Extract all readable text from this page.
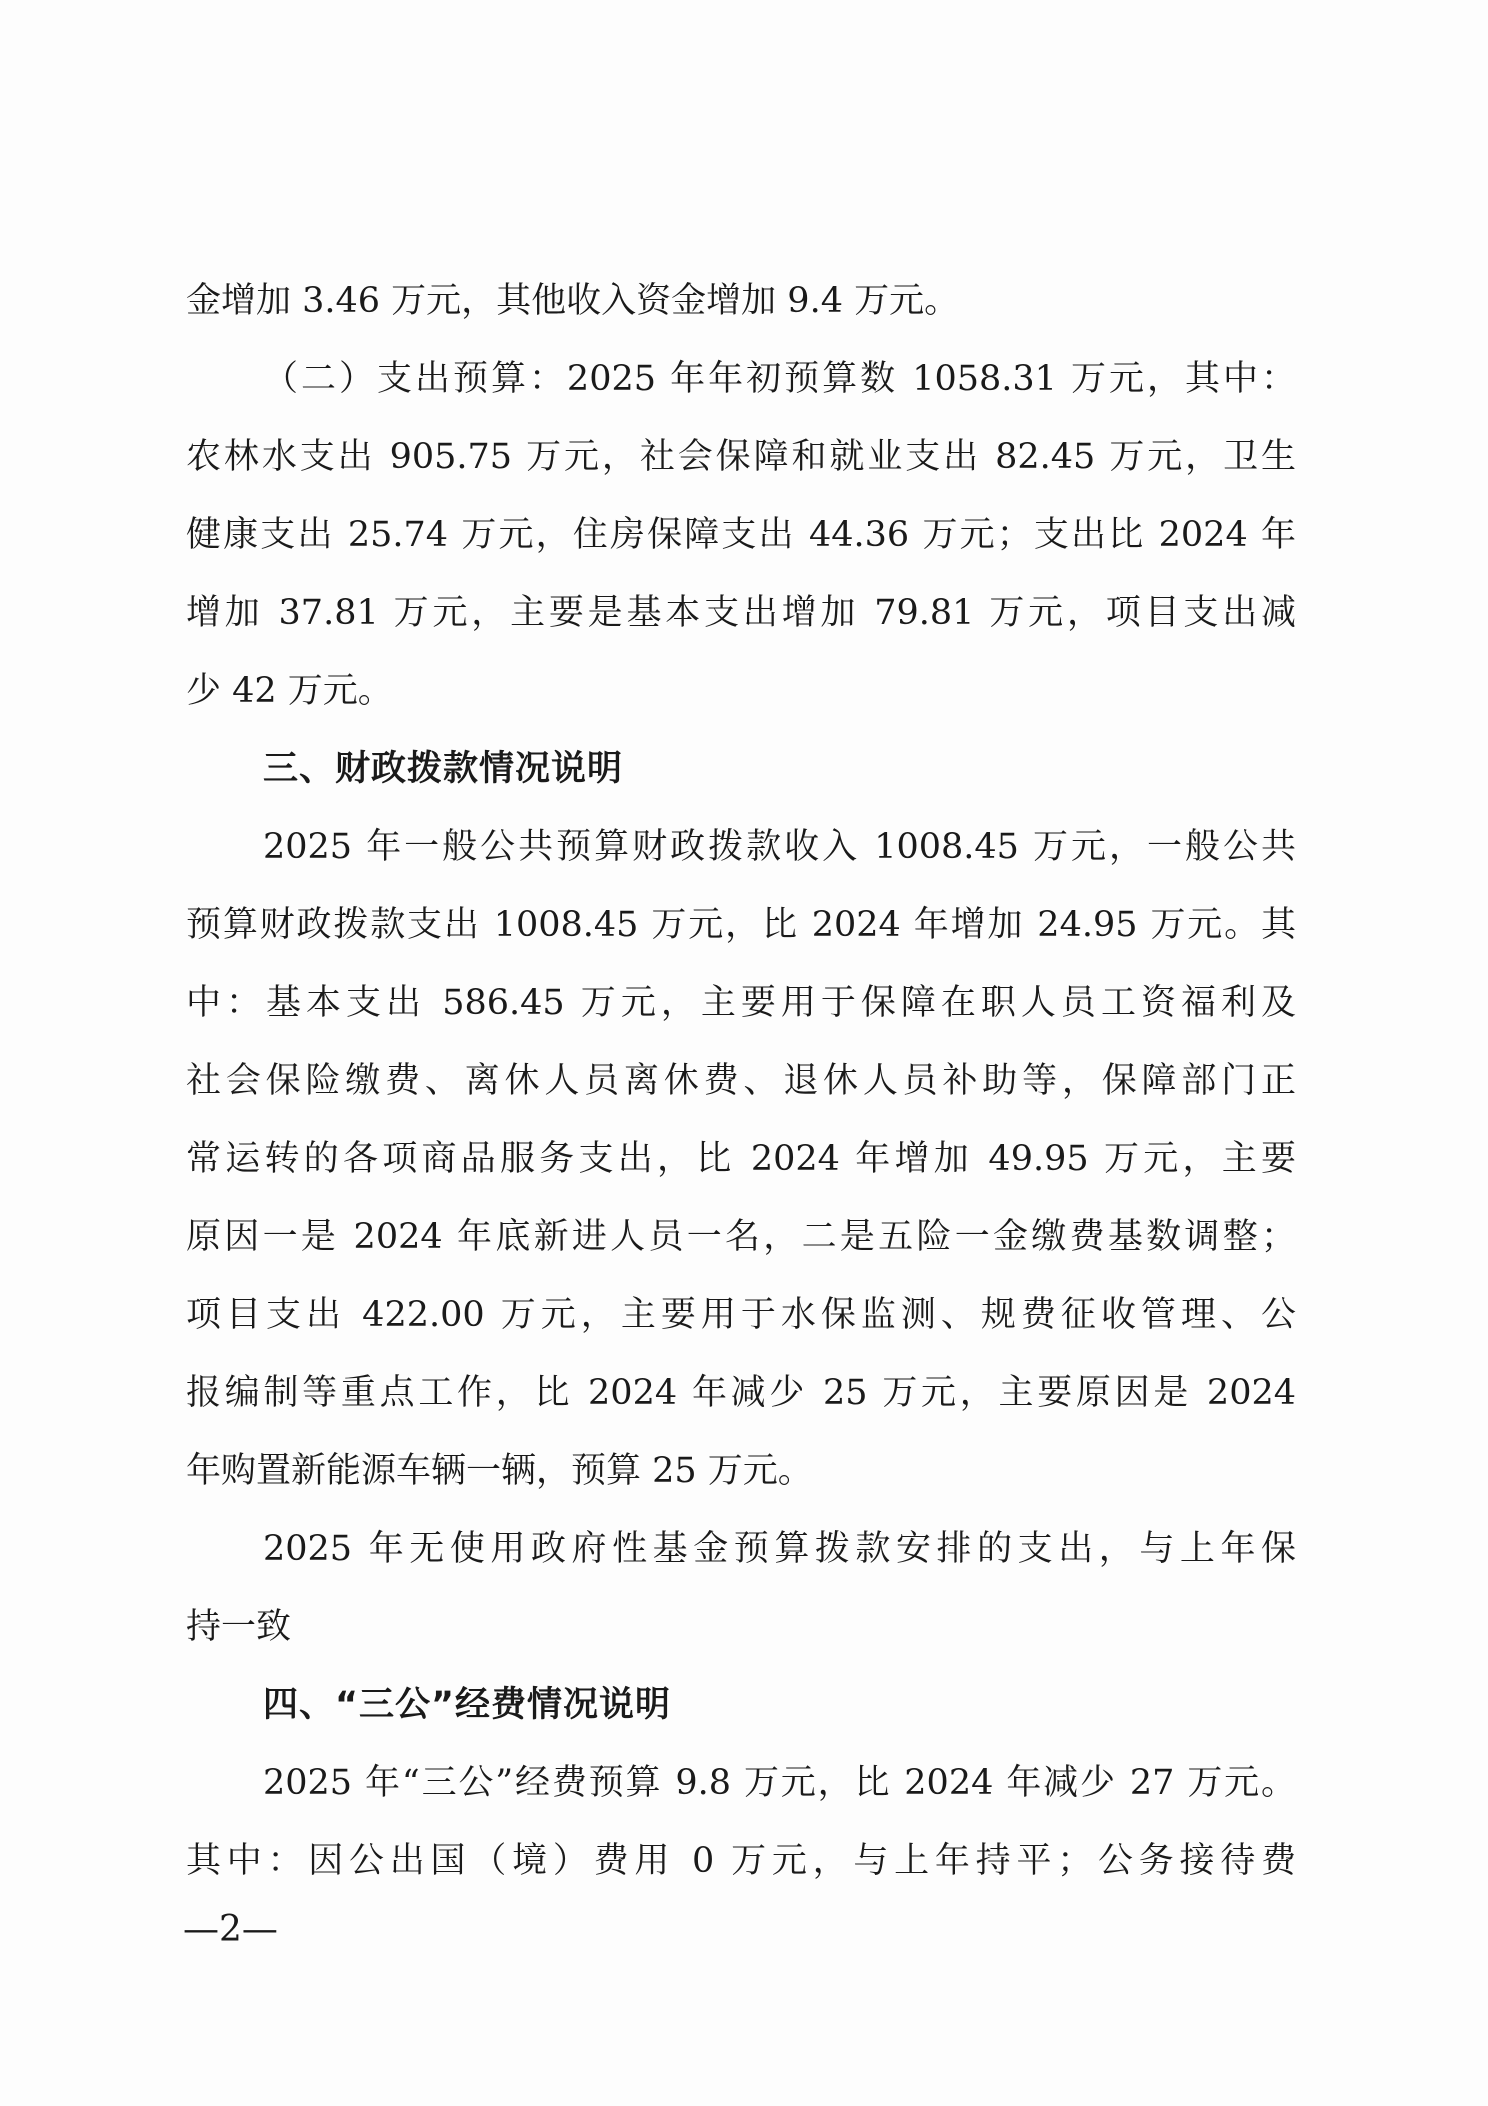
金增加 3.46 万元，其他收入资金增加 9.4 万元。
（二）支出预算：2025 年年初预算数 1058.31 万元，其中：
农林水支出 905.75 万元，社会保障和就业支出 82.45 万元，卫生
健康支出 25.74 万元，住房保障支出 44.36 万元；支出比 2024 年
增加 37.81 万元，主要是基本支出增加 79.81 万元，项目支出减
少 42 万元。
三、财政拨款情况说明
2025 年一般公共预算财政拨款收入 1008.45 万元，一般公共
预算财政拨款支出 1008.45 万元，比 2024 年增加 24.95 万元。其
中：基本支出 586.45 万元，主要用于保障在职人员工资福利及
社会保险缴费、离休人员离休费、退休人员补助等，保障部门正
常运转的各项商品服务支出，比 2024 年增加 49.95 万元，主要
原因一是 2024 年底新进人员一名，二是五险一金缴费基数调整；
项目支出 422.00 万元，主要用于水保监测、规费征收管理、公
报编制等重点工作，比 2024 年减少 25 万元，主要原因是 2024
年购置新能源车辆一辆，预算 25 万元。
2025 年无使用政府性基金预算拨款安排的支出，与上年保
持一致
四、“三公”经费情况说明
2025 年“三公”经费预算 9.8 万元，比 2024 年减少 27 万元。
其中：因公出国（境）费用 0 万元，与上年持平；公务接待费
—2—
